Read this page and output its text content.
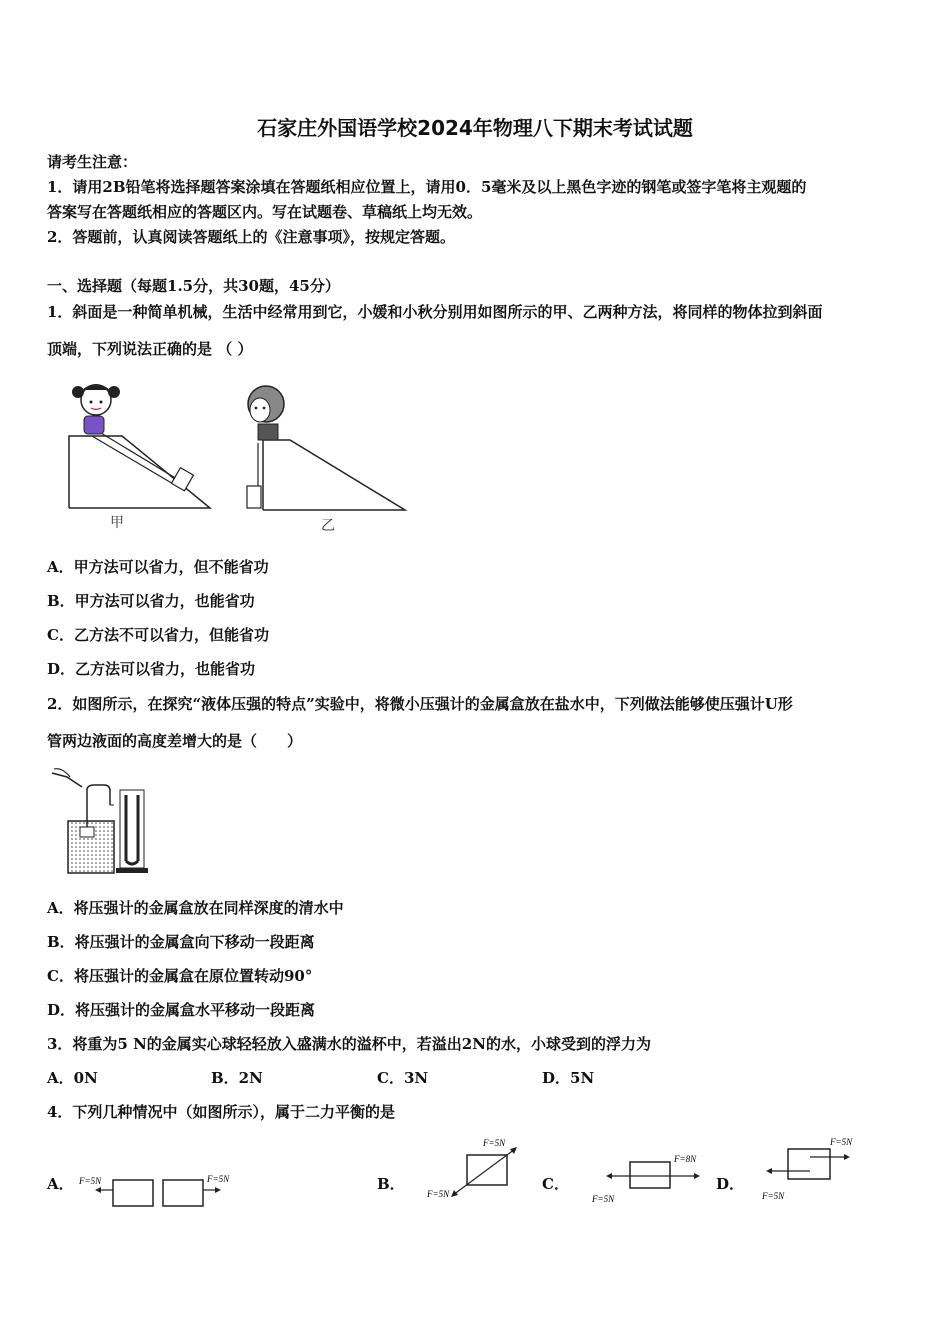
石家庄外国语学校2024年物理八下期末考试试题
请考生注意：
1．请用2B铅笔将选择题答案涂填在答题纸相应位置上，请用0．5毫米及以上黑色字迹的钢笔或签字笔将主观题的
答案写在答题纸相应的答题区内。写在试题卷、草稿纸上均无效。
2．答题前，认真阅读答题纸上的《注意事项》，按规定答题。
一、选择题（每题1.5分，共30题，45分）
1．斜面是一种简单机械，生活中经常用到它，小媛和小秋分别用如图所示的甲、乙两种方法，将同样的物体拉到斜面
顶端，下列说法正确的是 （ ）
甲	乙
A．甲方法可以省力，但不能省功
B．甲方法可以省力，也能省功
C．乙方法不可以省力，但能省功
D．乙方法可以省力，也能省功
2．如图所示，在探究“液体压强的特点”实验中，将微小压强计的金属盒放在盐水中，下列做法能够使压强计U形
管两边液面的高度差增大的是（　　）
A．将压强计的金属盒放在同样深度的清水中
B．将压强计的金属盒向下移动一段距离
C．将压强计的金属盒在原位置转动90°
D．将压强计的金属盒水平移动一段距离
3．将重为5 N的金属实心球轻轻放入盛满水的溢杯中，若溢出2N的水，小球受到的浮力为
A．0N	B．2N	C．3N	D．5N
4．下列几种情况中（如图所示），属于二力平衡的是
A．	B．	C．	D．
F=5N	F=5N
F=5N
F=5N
F=8N
F=5N
F=5N
F=5N
